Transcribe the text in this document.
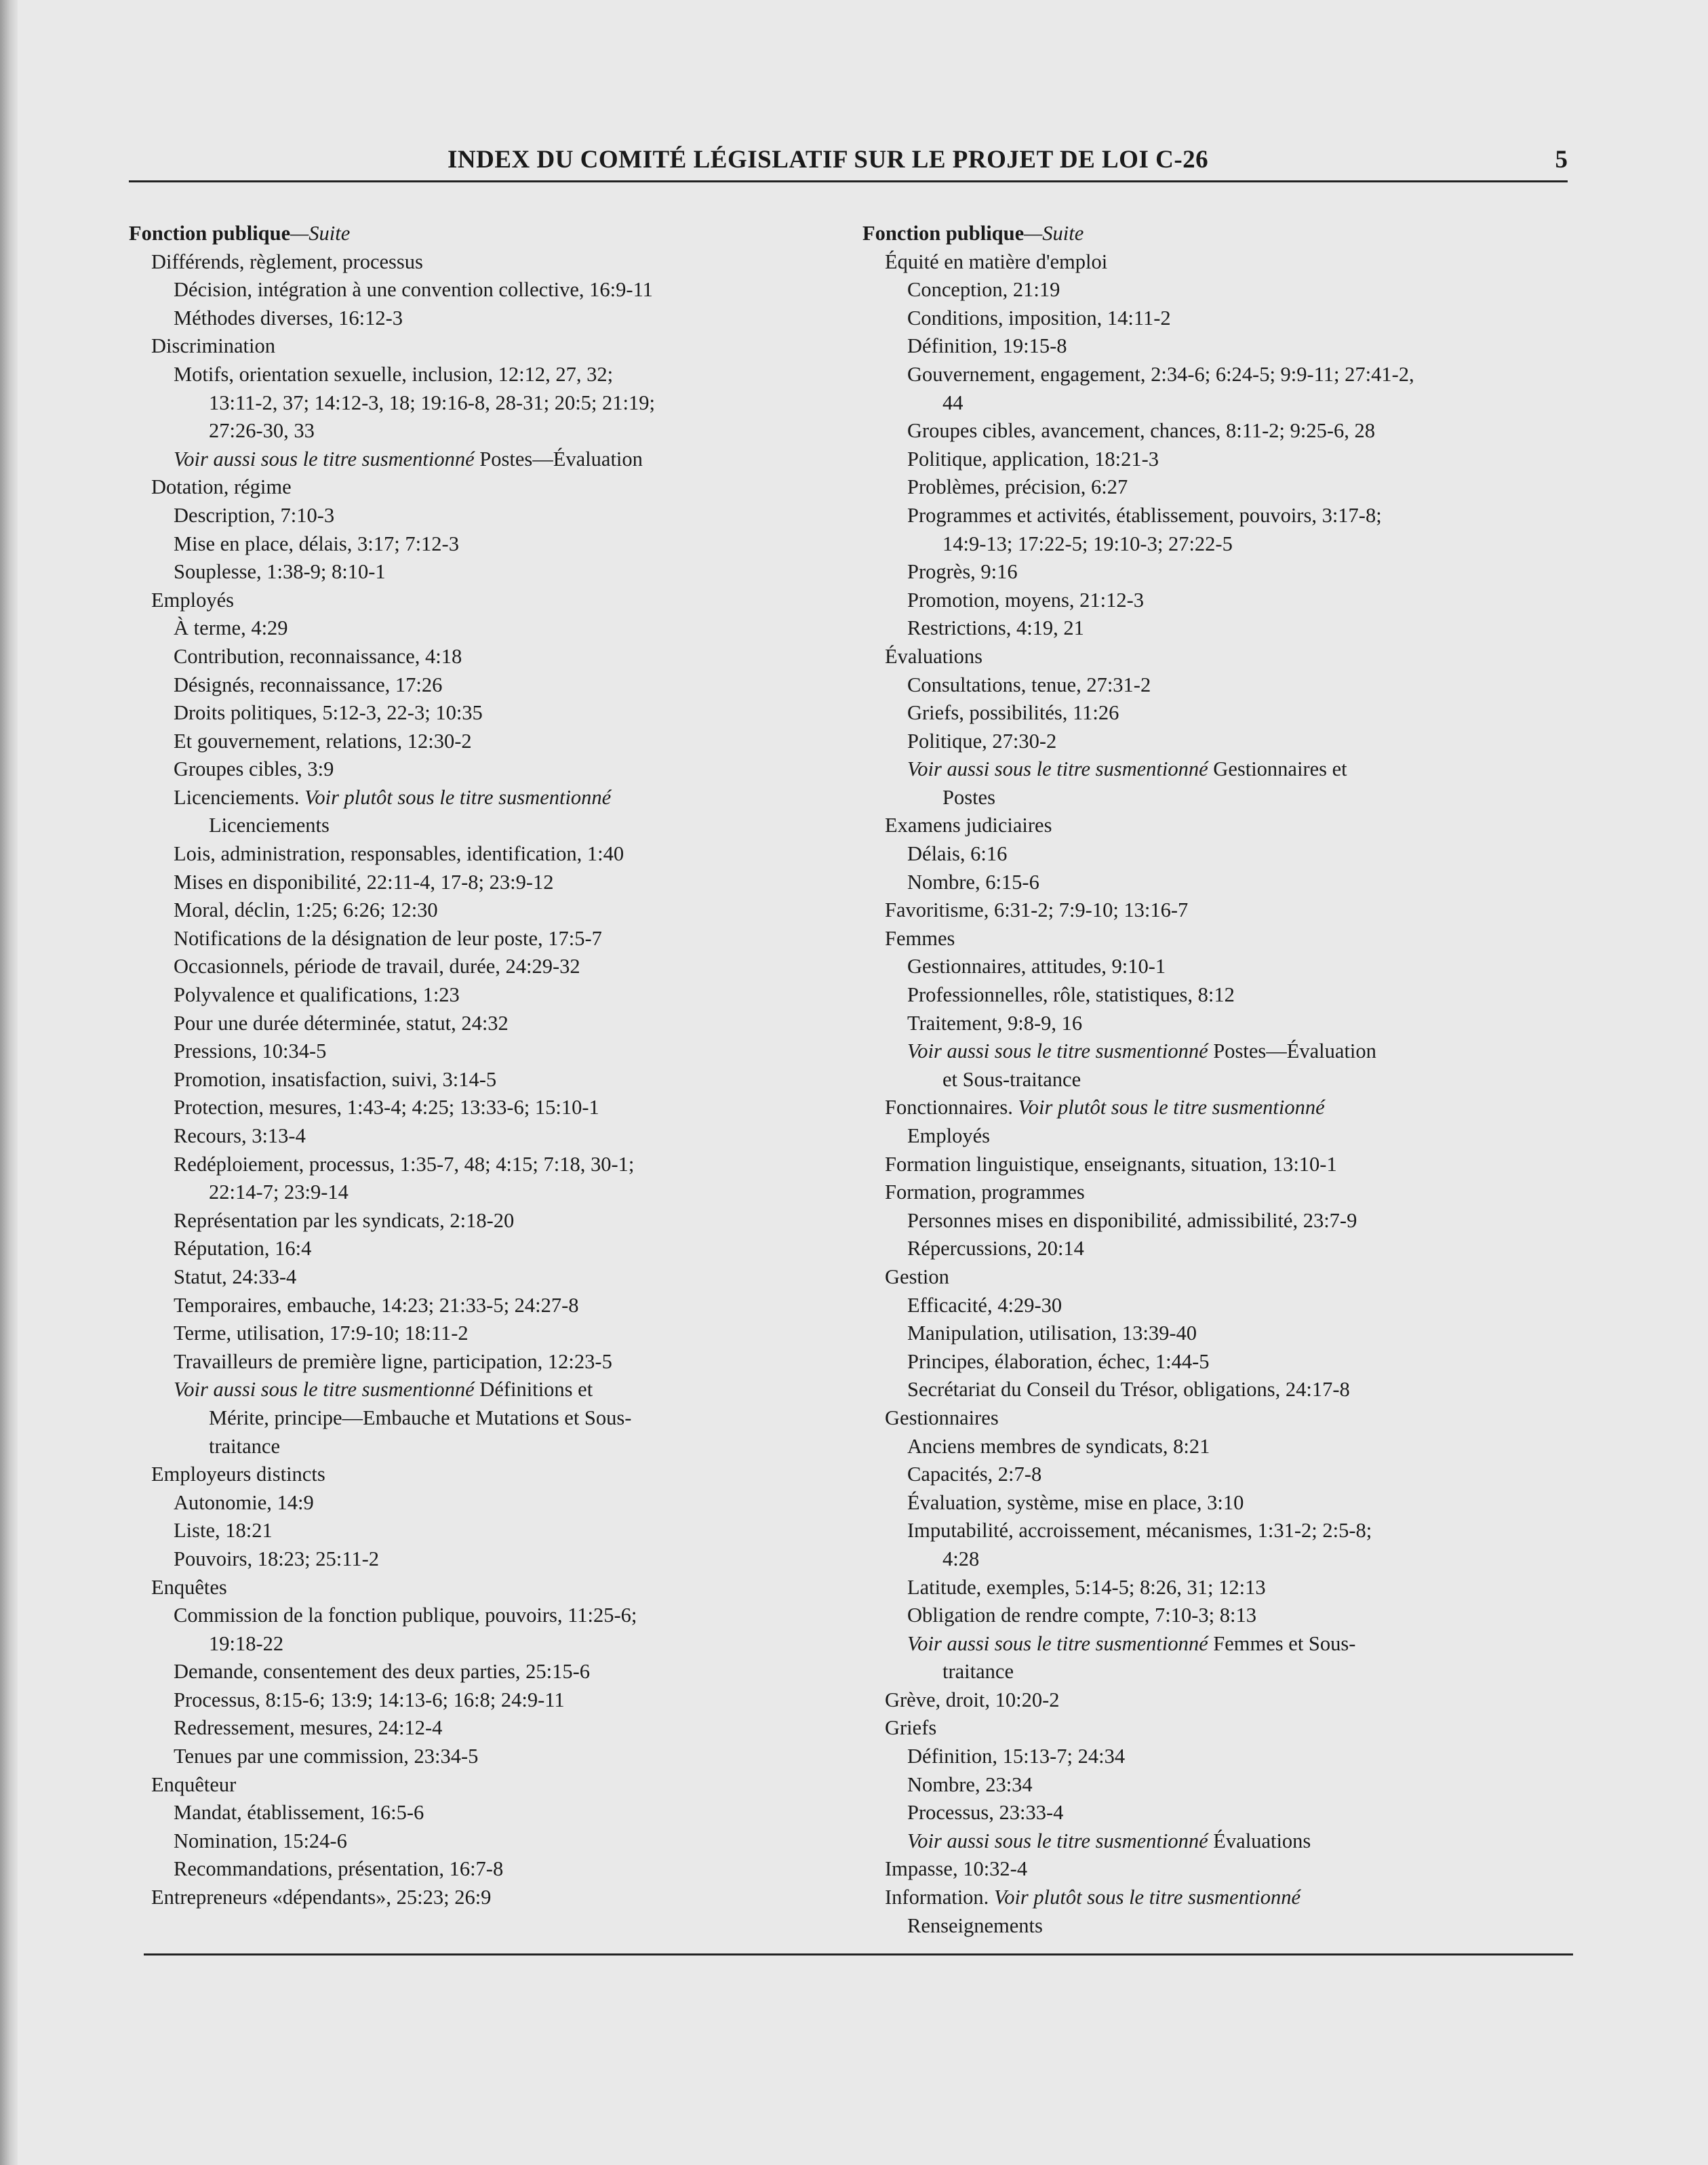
INDEX DU COMITÉ LÉGISLATIF SUR LE PROJET DE LOI C-26	5
Fonction publique—Suite
Différends, règlement, processus
Décision, intégration à une convention collective, 16:9-11
Méthodes diverses, 16:12-3
Discrimination
Motifs, orientation sexuelle, inclusion, 12:12, 27, 32;
13:11-2, 37; 14:12-3, 18; 19:16-8, 28-31; 20:5; 21:19;
27:26-30, 33
Voir aussi sous le titre susmentionné Postes—Évaluation
Dotation, régime
Description, 7:10-3
Mise en place, délais, 3:17; 7:12-3
Souplesse, 1:38-9; 8:10-1
Employés
À terme, 4:29
Contribution, reconnaissance, 4:18
Désignés, reconnaissance, 17:26
Droits politiques, 5:12-3, 22-3; 10:35
Et gouvernement, relations, 12:30-2
Groupes cibles, 3:9
Licenciements. Voir plutôt sous le titre susmentionné
Licenciements
Lois, administration, responsables, identification, 1:40
Mises en disponibilité, 22:11-4, 17-8; 23:9-12
Moral, déclin, 1:25; 6:26; 12:30
Notifications de la désignation de leur poste, 17:5-7
Occasionnels, période de travail, durée, 24:29-32
Polyvalence et qualifications, 1:23
Pour une durée déterminée, statut, 24:32
Pressions, 10:34-5
Promotion, insatisfaction, suivi, 3:14-5
Protection, mesures, 1:43-4; 4:25; 13:33-6; 15:10-1
Recours, 3:13-4
Redéploiement, processus, 1:35-7, 48; 4:15; 7:18, 30-1;
22:14-7; 23:9-14
Représentation par les syndicats, 2:18-20
Réputation, 16:4
Statut, 24:33-4
Temporaires, embauche, 14:23; 21:33-5; 24:27-8
Terme, utilisation, 17:9-10; 18:11-2
Travailleurs de première ligne, participation, 12:23-5
Voir aussi sous le titre susmentionné Définitions et
Mérite, principe—Embauche et Mutations et Sous-
traitance
Employeurs distincts
Autonomie, 14:9
Liste, 18:21
Pouvoirs, 18:23; 25:11-2
Enquêtes
Commission de la fonction publique, pouvoirs, 11:25-6;
19:18-22
Demande, consentement des deux parties, 25:15-6
Processus, 8:15-6; 13:9; 14:13-6; 16:8; 24:9-11
Redressement, mesures, 24:12-4
Tenues par une commission, 23:34-5
Enquêteur
Mandat, établissement, 16:5-6
Nomination, 15:24-6
Recommandations, présentation, 16:7-8
Entrepreneurs «dépendants», 25:23; 26:9
Fonction publique—Suite
Équité en matière d'emploi
Conception, 21:19
Conditions, imposition, 14:11-2
Définition, 19:15-8
Gouvernement, engagement, 2:34-6; 6:24-5; 9:9-11; 27:41-2,
44
Groupes cibles, avancement, chances, 8:11-2; 9:25-6, 28
Politique, application, 18:21-3
Problèmes, précision, 6:27
Programmes et activités, établissement, pouvoirs, 3:17-8;
14:9-13; 17:22-5; 19:10-3; 27:22-5
Progrès, 9:16
Promotion, moyens, 21:12-3
Restrictions, 4:19, 21
Évaluations
Consultations, tenue, 27:31-2
Griefs, possibilités, 11:26
Politique, 27:30-2
Voir aussi sous le titre susmentionné Gestionnaires et
Postes
Examens judiciaires
Délais, 6:16
Nombre, 6:15-6
Favoritisme, 6:31-2; 7:9-10; 13:16-7
Femmes
Gestionnaires, attitudes, 9:10-1
Professionnelles, rôle, statistiques, 8:12
Traitement, 9:8-9, 16
Voir aussi sous le titre susmentionné Postes—Évaluation
et Sous-traitance
Fonctionnaires. Voir plutôt sous le titre susmentionné
Employés
Formation linguistique, enseignants, situation, 13:10-1
Formation, programmes
Personnes mises en disponibilité, admissibilité, 23:7-9
Répercussions, 20:14
Gestion
Efficacité, 4:29-30
Manipulation, utilisation, 13:39-40
Principes, élaboration, échec, 1:44-5
Secrétariat du Conseil du Trésor, obligations, 24:17-8
Gestionnaires
Anciens membres de syndicats, 8:21
Capacités, 2:7-8
Évaluation, système, mise en place, 3:10
Imputabilité, accroissement, mécanismes, 1:31-2; 2:5-8;
4:28
Latitude, exemples, 5:14-5; 8:26, 31; 12:13
Obligation de rendre compte, 7:10-3; 8:13
Voir aussi sous le titre susmentionné Femmes et Sous-
traitance
Grève, droit, 10:20-2
Griefs
Définition, 15:13-7; 24:34
Nombre, 23:34
Processus, 23:33-4
Voir aussi sous le titre susmentionné Évaluations
Impasse, 10:32-4
Information. Voir plutôt sous le titre susmentionné
Renseignements
